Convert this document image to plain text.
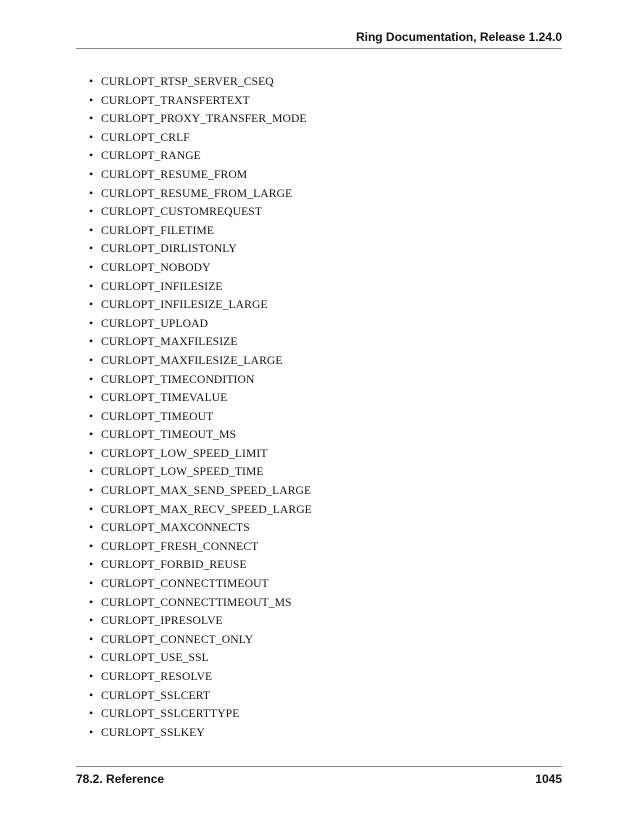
Ring Documentation, Release 1.24.0
• CURLOPT_RTSP_SERVER_CSEQ
• CURLOPT_TRANSFERTEXT
• CURLOPT_PROXY_TRANSFER_MODE
• CURLOPT_CRLF
• CURLOPT_RANGE
• CURLOPT_RESUME_FROM
• CURLOPT_RESUME_FROM_LARGE
• CURLOPT_CUSTOMREQUEST
• CURLOPT_FILETIME
• CURLOPT_DIRLISTONLY
• CURLOPT_NOBODY
• CURLOPT_INFILESIZE
• CURLOPT_INFILESIZE_LARGE
• CURLOPT_UPLOAD
• CURLOPT_MAXFILESIZE
• CURLOPT_MAXFILESIZE_LARGE
• CURLOPT_TIMECONDITION
• CURLOPT_TIMEVALUE
• CURLOPT_TIMEOUT
• CURLOPT_TIMEOUT_MS
• CURLOPT_LOW_SPEED_LIMIT
• CURLOPT_LOW_SPEED_TIME
• CURLOPT_MAX_SEND_SPEED_LARGE
• CURLOPT_MAX_RECV_SPEED_LARGE
• CURLOPT_MAXCONNECTS
• CURLOPT_FRESH_CONNECT
• CURLOPT_FORBID_REUSE
• CURLOPT_CONNECTTIMEOUT
• CURLOPT_CONNECTTIMEOUT_MS
• CURLOPT_IPRESOLVE
• CURLOPT_CONNECT_ONLY
• CURLOPT_USE_SSL
• CURLOPT_RESOLVE
• CURLOPT_SSLCERT
• CURLOPT_SSLCERTTYPE
• CURLOPT_SSLKEY
78.2. Reference	1045
